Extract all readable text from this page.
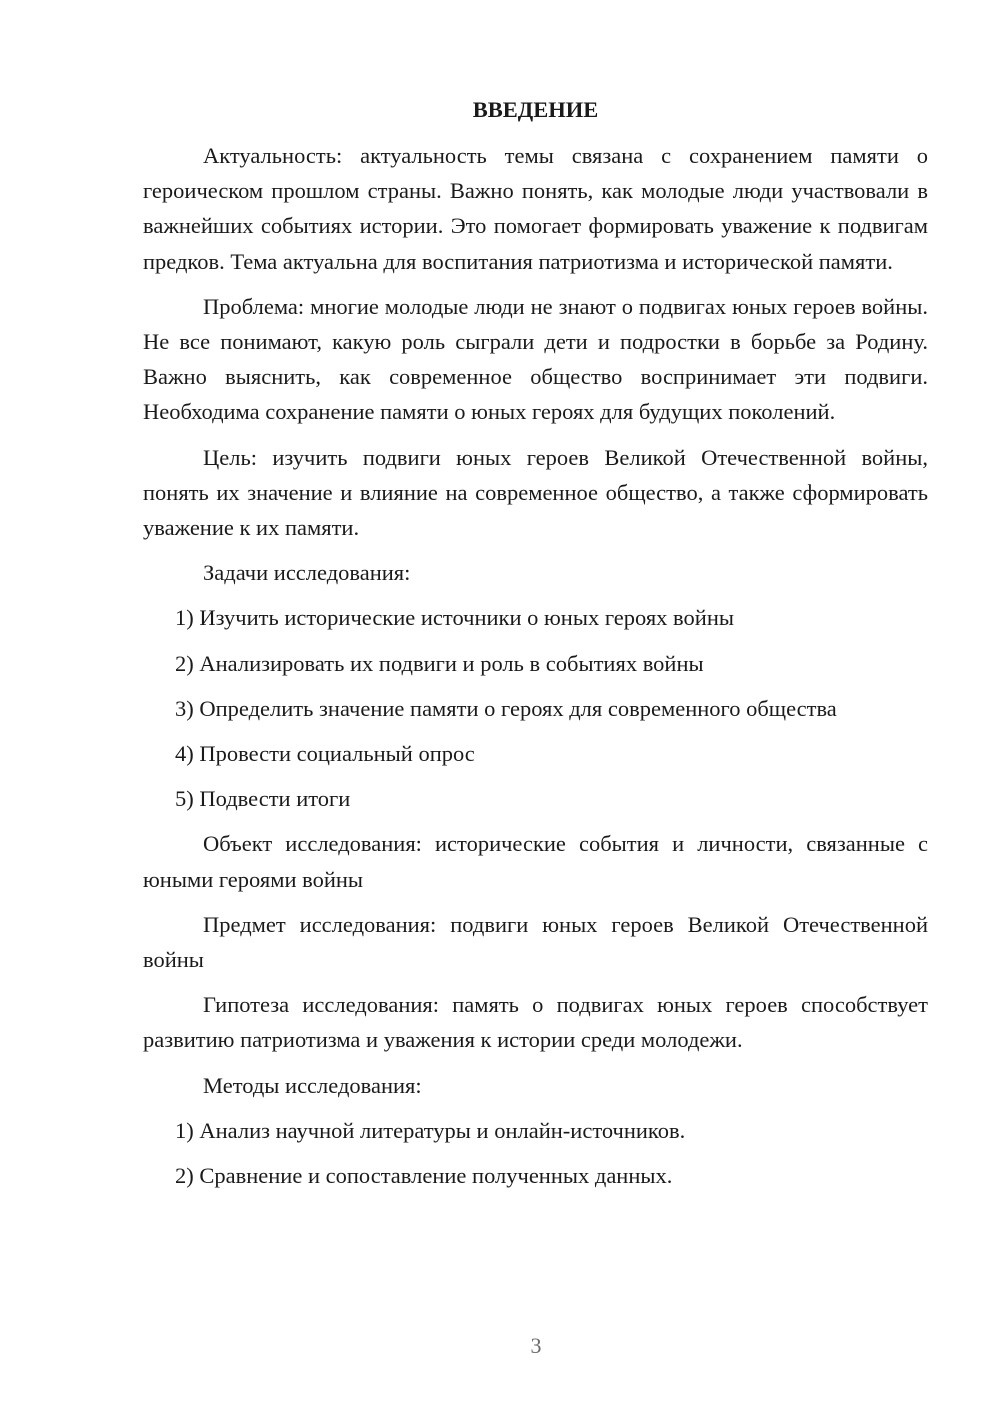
ВВЕДЕНИЕ

Актуальность: актуальность темы связана с сохранением памяти о героическом прошлом страны. Важно понять, как молодые люди участвовали в важнейших событиях истории. Это помогает формировать уважение к подвигам предков. Тема актуальна для воспитания патриотизма и исторической памяти.

Проблема: многие молодые люди не знают о подвигах юных героев войны. Не все понимают, какую роль сыграли дети и подростки в борьбе за Родину. Важно выяснить, как современное общество воспринимает эти подвиги. Необходима сохранение памяти о юных героях для будущих поколений.

Цель: изучить подвиги юных героев Великой Отечественной войны, понять их значение и влияние на современное общество, а также сформировать уважение к их памяти.

Задачи исследования:
1) Изучить исторические источники о юных героях войны
2) Анализировать их подвиги и роль в событиях войны
3) Определить значение памяти о героях для современного общества
4) Провести социальный опрос
5) Подвести итоги

Объект исследования: исторические события и личности, связанные с юными героями войны

Предмет исследования: подвиги юных героев Великой Отечественной войны

Гипотеза исследования: память о подвигах юных героев способствует развитию патриотизма и уважения к истории среди молодежи.

Методы исследования:
1) Анализ научной литературы и онлайн-источников.
2) Сравнение и сопоставление полученных данных.
3
